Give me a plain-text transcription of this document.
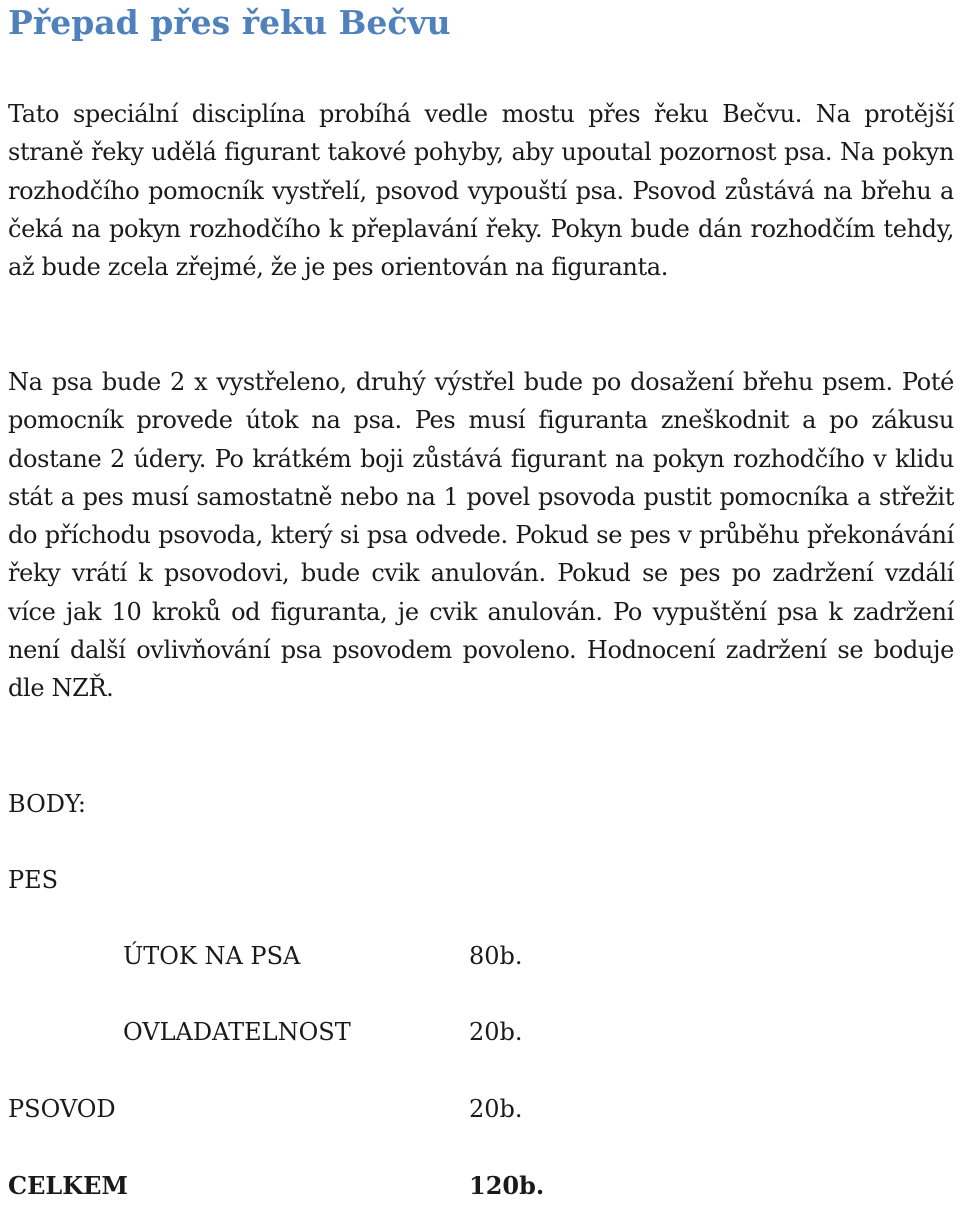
Přepad přes řeku Bečvu

Tato speciální disciplína probíhá vedle mostu přes řeku Bečvu. Na protější straně řeky udělá figurant takové pohyby, aby upoutal pozornost psa. Na pokyn rozhodčího pomocník vystřelí, psovod vypouští psa. Psovod zůstává na břehu a čeká na pokyn rozhodčího k přeplavání řeky. Pokyn bude dán rozhodčím tehdy, až bude zcela zřejmé, že je pes orientován na figuranta.

Na psa bude 2 x vystřeleno, druhý výstřel bude po dosažení břehu psem. Poté pomocník provede útok na psa. Pes musí figuranta zneškodnit a po zákusu dostane 2 údery. Po krátkém boji zůstává figurant na pokyn rozhodčího v klidu stát a pes musí samostatně nebo na 1 povel psovoda pustit pomocníka a střežit do příchodu psovoda, který si psa odvede. Pokud se pes v průběhu překonávání řeky vrátí k psovodovi, bude cvik anulován. Pokud se pes po zadržení vzdálí více jak 10 kroků od figuranta, je cvik anulován. Po vypuštění psa k zadržení není další ovlivňování psa psovodem povoleno. Hodnocení zadržení se boduje dle NZŘ.

BODY:

PES

ÚTOK NA PSA	80b.
OVLADATELNOST	20b.
PSOVOD	20b.
CELKEM	120b.
